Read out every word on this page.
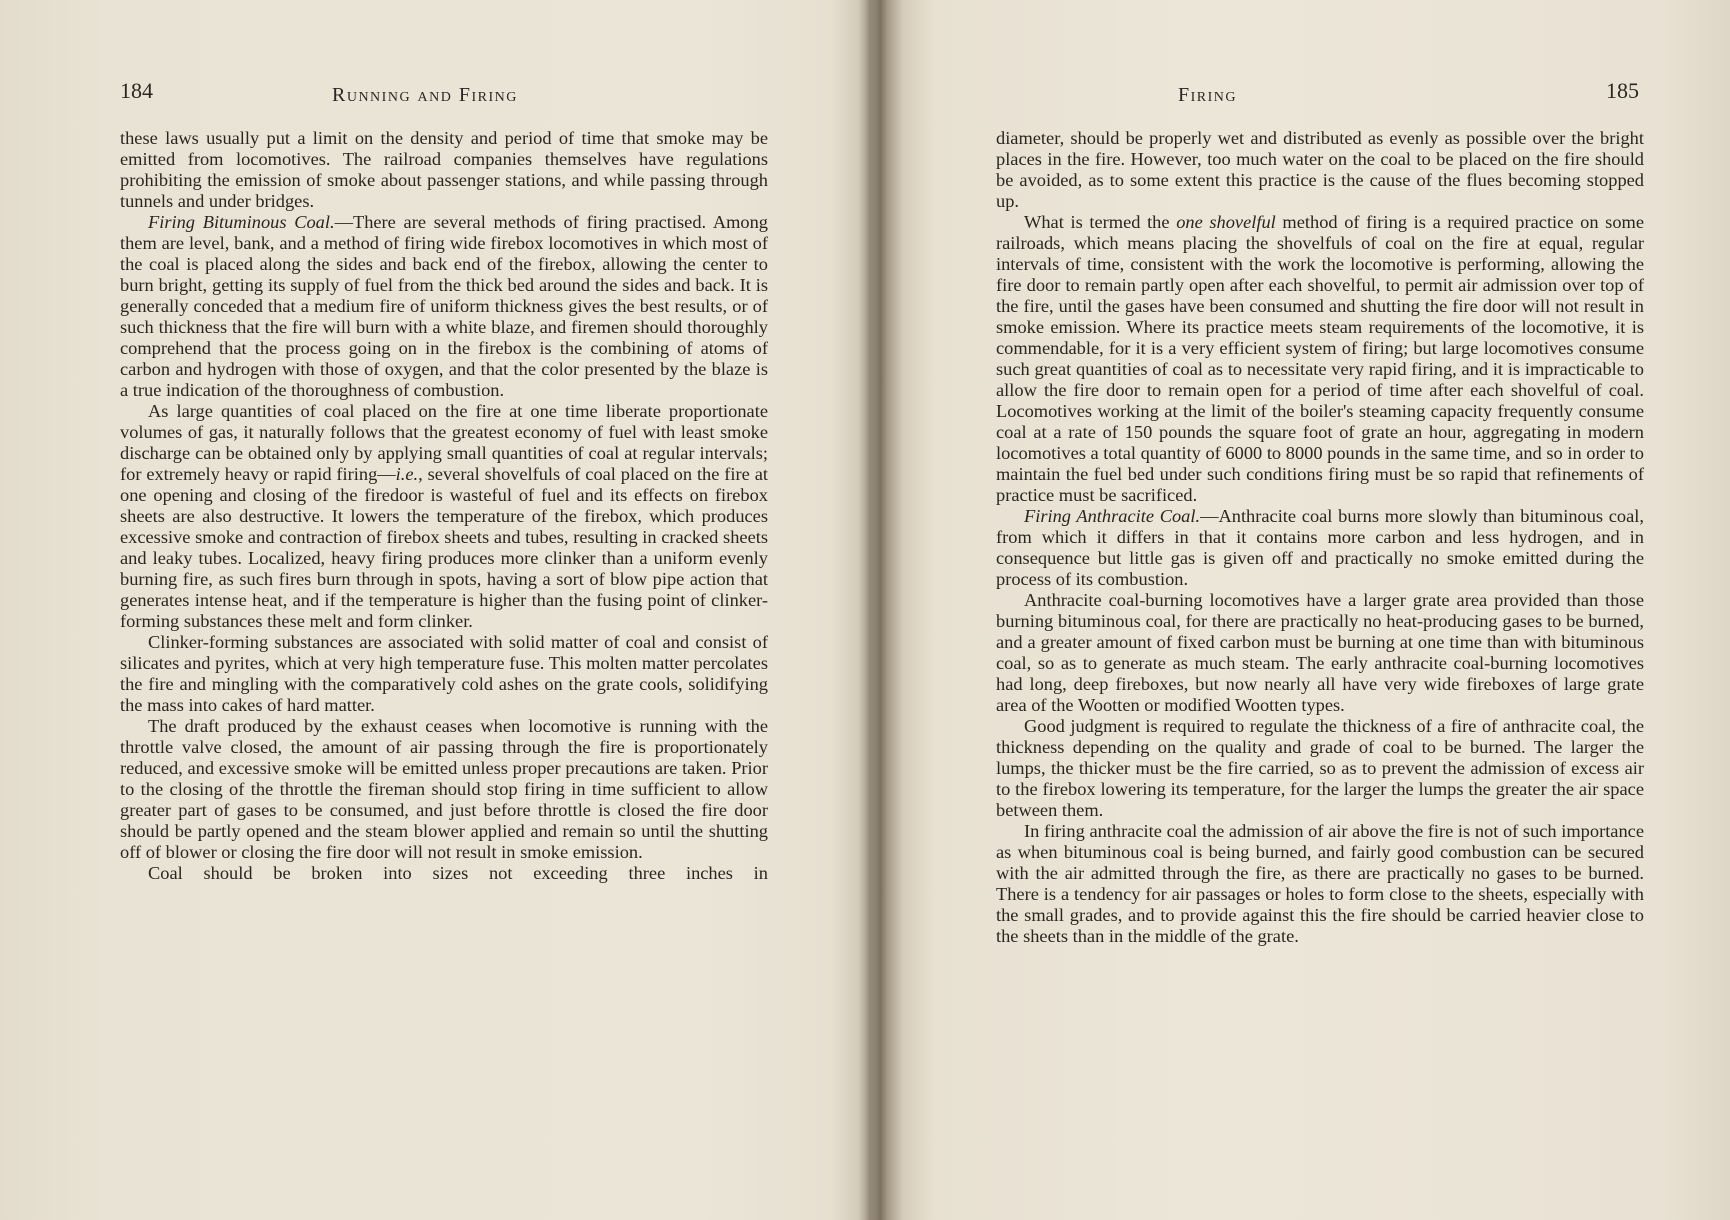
184	Running and Firing

these laws usually put a limit on the density and period of time that smoke may be emitted from locomotives. The railroad companies themselves have regulations prohibiting the emission of smoke about passenger stations, and while passing through tunnels and under bridges.

Firing Bituminous Coal.—There are several methods of firing practised. Among them are level, bank, and a method of firing wide firebox locomotives in which most of the coal is placed along the sides and back end of the firebox, allowing the center to burn bright, getting its supply of fuel from the thick bed around the sides and back. It is generally conceded that a medium fire of uniform thickness gives the best results, or of such thickness that the fire will burn with a white blaze, and firemen should thoroughly comprehend that the process going on in the firebox is the combining of atoms of carbon and hydrogen with those of oxygen, and that the color presented by the blaze is a true indication of the thoroughness of combustion.

As large quantities of coal placed on the fire at one time liberate proportionate volumes of gas, it naturally follows that the greatest economy of fuel with least smoke discharge can be obtained only by applying small quantities of coal at regular intervals; for extremely heavy or rapid firing—i.e., several shovelfuls of coal placed on the fire at one opening and closing of the firedoor is wasteful of fuel and its effects on firebox sheets are also destructive. It lowers the temperature of the firebox, which produces excessive smoke and contraction of firebox sheets and tubes, resulting in cracked sheets and leaky tubes. Localized, heavy firing produces more clinker than a uniform evenly burning fire, as such fires burn through in spots, having a sort of blow pipe action that generates intense heat, and if the temperature is higher than the fusing point of clinker-forming substances these melt and form clinker.

Clinker-forming substances are associated with solid matter of coal and consist of silicates and pyrites, which at very high temperature fuse. This molten matter percolates the fire and mingling with the comparatively cold ashes on the grate cools, solidifying the mass into cakes of hard matter.

The draft produced by the exhaust ceases when locomotive is running with the throttle valve closed, the amount of air passing through the fire is proportionately reduced, and excessive smoke will be emitted unless proper precautions are taken. Prior to the closing of the throttle the fireman should stop firing in time sufficient to allow greater part of gases to be consumed, and just before throttle is closed the fire door should be partly opened and the steam blower applied and remain so until the shutting off of blower or closing the fire door will not result in smoke emission.

Coal should be broken into sizes not exceeding three inches in

Firing	185

diameter, should be properly wet and distributed as evenly as possible over the bright places in the fire. However, too much water on the coal to be placed on the fire should be avoided, as to some extent this practice is the cause of the flues becoming stopped up.

What is termed the one shovelful method of firing is a required practice on some railroads, which means placing the shovelfuls of coal on the fire at equal, regular intervals of time, consistent with the work the locomotive is performing, allowing the fire door to remain partly open after each shovelful, to permit air admission over top of the fire, until the gases have been consumed and shutting the fire door will not result in smoke emission. Where its practice meets steam requirements of the locomotive, it is commendable, for it is a very efficient system of firing; but large locomotives consume such great quantities of coal as to necessitate very rapid firing, and it is impracticable to allow the fire door to remain open for a period of time after each shovelful of coal. Locomotives working at the limit of the boiler's steaming capacity frequently consume coal at a rate of 150 pounds the square foot of grate an hour, aggregating in modern locomotives a total quantity of 6000 to 8000 pounds in the same time, and so in order to maintain the fuel bed under such conditions firing must be so rapid that refinements of practice must be sacrificed.

Firing Anthracite Coal.—Anthracite coal burns more slowly than bituminous coal, from which it differs in that it contains more carbon and less hydrogen, and in consequence but little gas is given off and practically no smoke emitted during the process of its combustion.

Anthracite coal-burning locomotives have a larger grate area provided than those burning bituminous coal, for there are practically no heat-producing gases to be burned, and a greater amount of fixed carbon must be burning at one time than with bituminous coal, so as to generate as much steam. The early anthracite coal-burning locomotives had long, deep fireboxes, but now nearly all have very wide fireboxes of large grate area of the Wootten or modified Wootten types.

Good judgment is required to regulate the thickness of a fire of anthracite coal, the thickness depending on the quality and grade of coal to be burned. The larger the lumps, the thicker must be the fire carried, so as to prevent the admission of excess air to the firebox lowering its temperature, for the larger the lumps the greater the air space between them.

In firing anthracite coal the admission of air above the fire is not of such importance as when bituminous coal is being burned, and fairly good combustion can be secured with the air admitted through the fire, as there are practically no gases to be burned. There is a tendency for air passages or holes to form close to the sheets, especially with the small grades, and to provide against this the fire should be carried heavier close to the sheets than in the middle of the grate.
